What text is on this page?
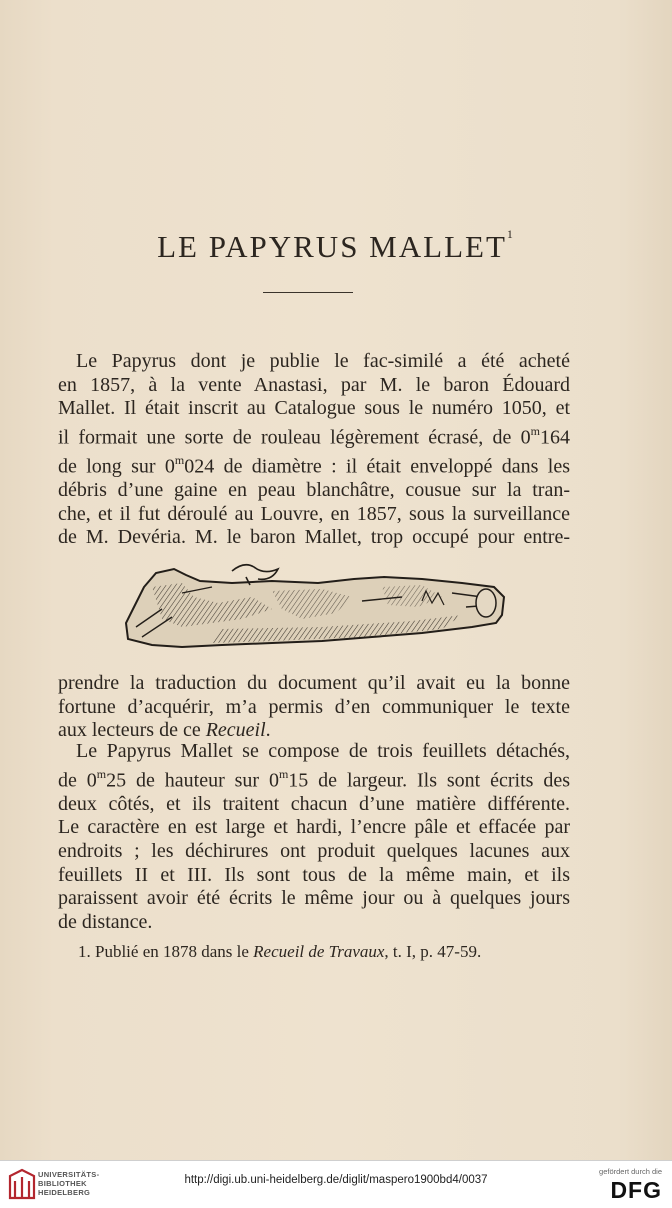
LE PAPYRUS MALLET$^1$
Le Papyrus dont je publie le fac-similé a été acheté
en 1857, à la vente Anastasi, par M. le baron Édouard
Mallet. Il était inscrit au Catalogue sous le numéro 1050, et
il formait une sorte de rouleau légèrement écrasé, de 0$^m$164
de long sur 0$^m$024 de diamètre : il était enveloppé dans les
débris d’une gaine en peau blanchâtre, cousue sur la tran-
che, et il fut déroulé au Louvre, en 1857, sous la surveillance
de M. Devéria. M. le baron Mallet, trop occupé pour entre-
prendre la traduction du document qu’il avait eu la bonne
fortune d’acquérir, m’a permis d’en communiquer le texte
aux lecteurs de ce Recueil.
Le Papyrus Mallet se compose de trois feuillets détachés,
de 0$^m$25 de hauteur sur 0$^m$15 de largeur. Ils sont écrits des
deux côtés, et ils traitent chacun d’une matière différente.
Le caractère en est large et hardi, l’encre pâle et effacée par
endroits ; les déchirures ont produit quelques lacunes aux
feuillets II et III. Ils sont tous de la même main, et ils
paraissent avoir été écrits le même jour ou à quelques jours
de distance.
1. Publié en 1878 dans le Recueil de Travaux, t. I, p. 47-59.
UNIVERSITÄTS-
BIBLIOTHEK
HEIDELBERG
http://digi.ub.uni-heidelberg.de/diglit/maspero1900bd4/0037
gefördert durch die
DFG
